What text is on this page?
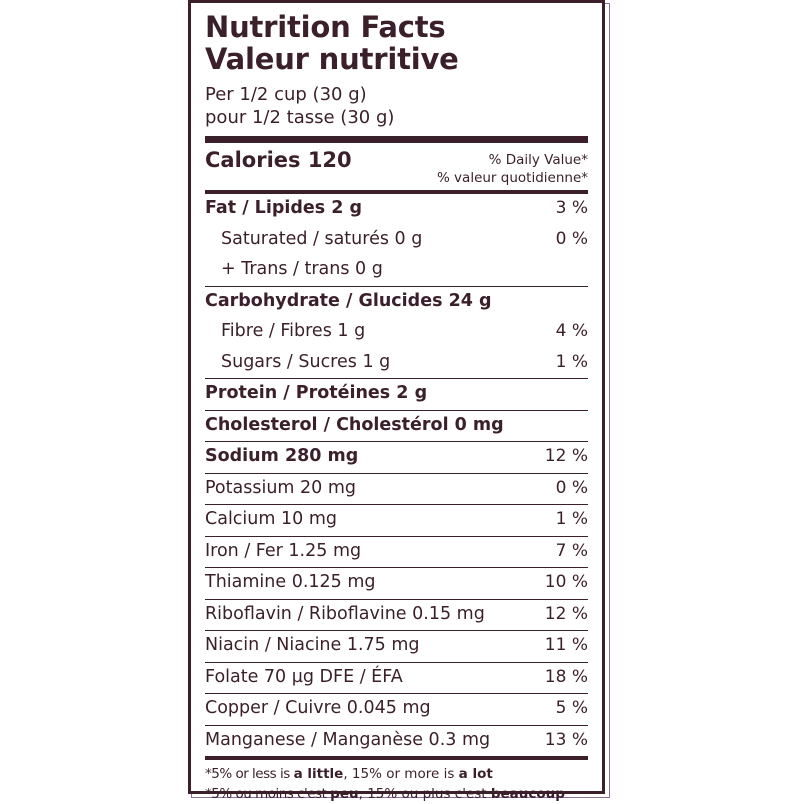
Nutrition Facts
Valeur nutritive
Per 1/2 cup (30 g)
pour 1/2 tasse (30 g)
Calories 120	% Daily Value*
% valeur quotidienne*
Fat / Lipides 2 g	3 %
Saturated / saturés 0 g	0 %
+ Trans / trans 0 g
Carbohydrate / Glucides 24 g
Fibre / Fibres 1 g	4 %
Sugars / Sucres 1 g	1 %
Protein / Protéines 2 g
Cholesterol / Cholestérol 0 mg
Sodium 280 mg	12 %
Potassium 20 mg	0 %
Calcium 10 mg	1 %
Iron / Fer 1.25 mg	7 %
Thiamine 0.125 mg	10 %
Riboflavin / Riboflavine 0.15 mg	12 %
Niacin / Niacine 1.75 mg	11 %
Folate 70 µg DFE / ÉFA	18 %
Copper / Cuivre 0.045 mg	5 %
Manganese / Manganèse 0.3 mg	13 %
*5% or less is a little, 15% or more is a lot
*5% ou moins c'est peu, 15% ou plus c'est beaucoup
